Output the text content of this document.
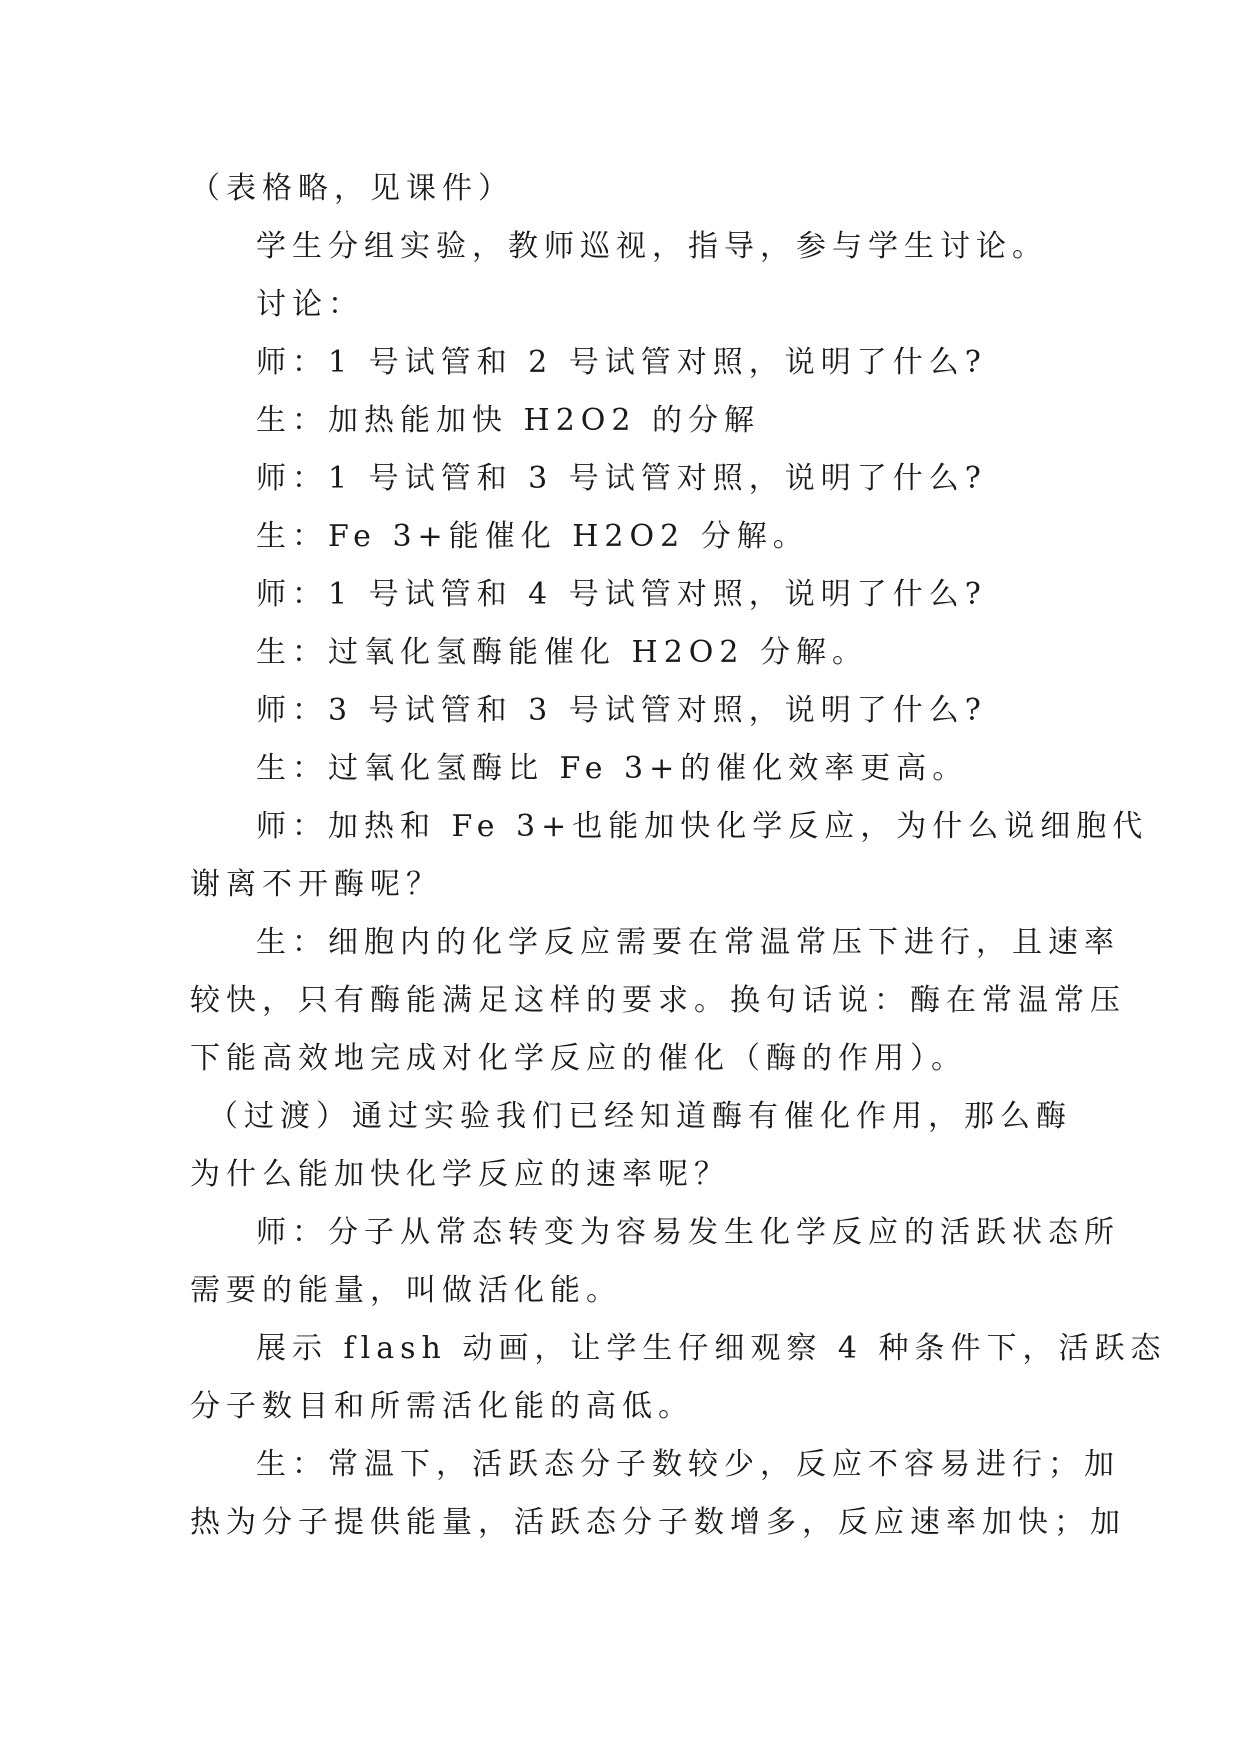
（表格略，见课件）

学生分组实验，教师巡视，指导，参与学生讨论。

讨论：

师：1 号试管和 2 号试管对照，说明了什么?

生：加热能加快 H2O2 的分解

师：1 号试管和 3 号试管对照，说明了什么?

生：Fe 3+能催化 H2O2 分解。

师：1 号试管和 4 号试管对照，说明了什么?

生：过氧化氢酶能催化 H2O2 分解。

师：3 号试管和 3 号试管对照，说明了什么?

生：过氧化氢酶比 Fe 3+的催化效率更高。

师：加热和 Fe 3+也能加快化学反应，为什么说细胞代

谢离不开酶呢？

生：细胞内的化学反应需要在常温常压下进行，且速率

较快，只有酶能满足这样的要求。换句话说：酶在常温常压

下能高效地完成对化学反应的催化（酶的作用）。

（过渡）通过实验我们已经知道酶有催化作用，那么酶

为什么能加快化学反应的速率呢？

师：分子从常态转变为容易发生化学反应的活跃状态所

需要的能量，叫做活化能。

展示 flash 动画，让学生仔细观察 4 种条件下，活跃态

分子数目和所需活化能的高低。

生：常温下，活跃态分子数较少，反应不容易进行；加

热为分子提供能量，活跃态分子数增多，反应速率加快；加
